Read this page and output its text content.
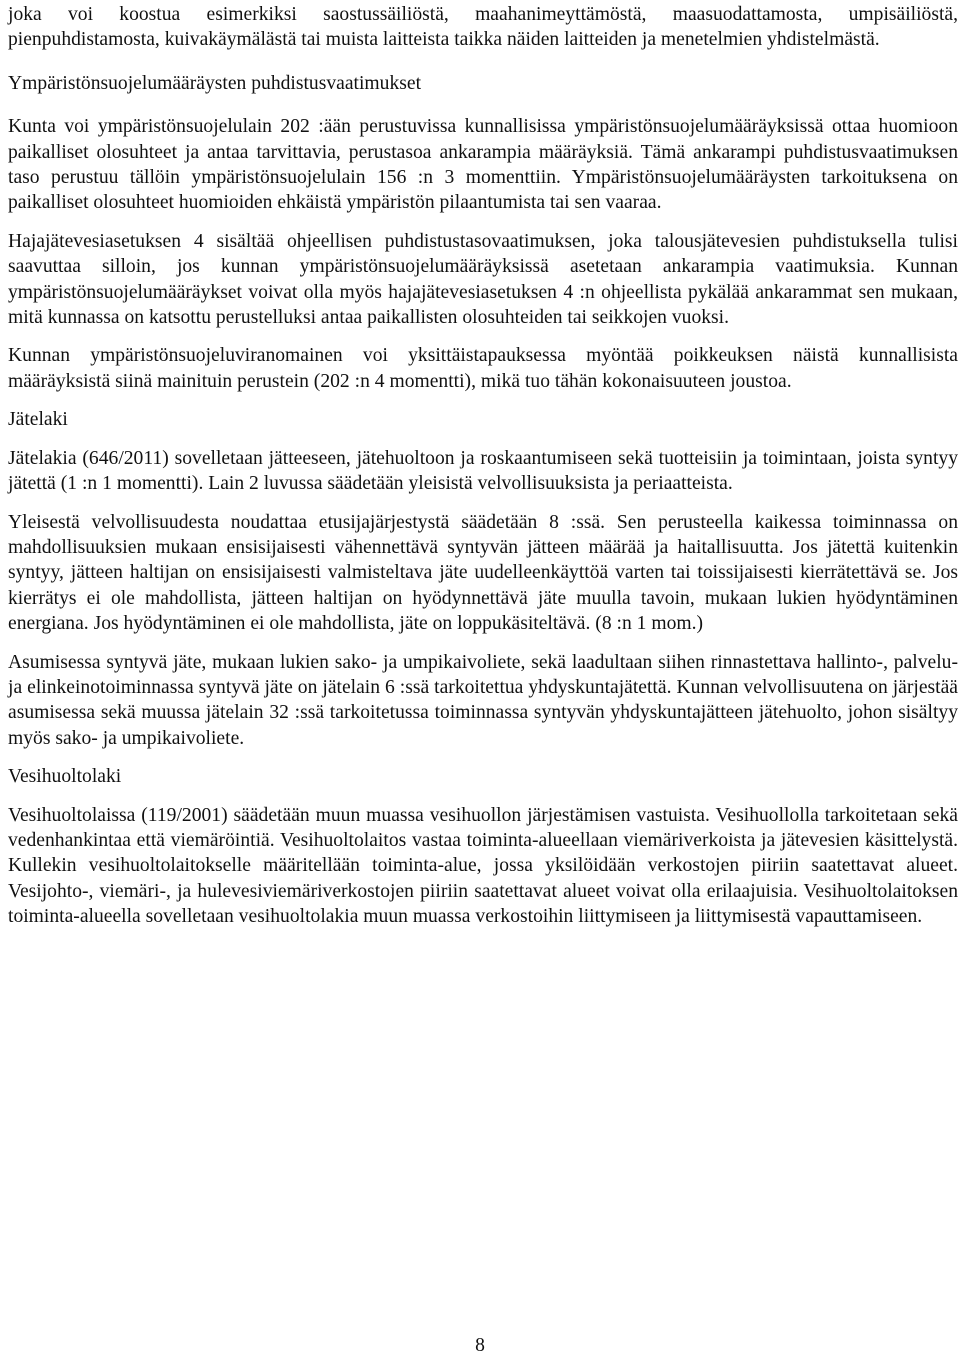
joka voi koostua esimerkiksi saostussäiliöstä, maahanimeyttämöstä, maasuodattamosta, umpisäiliöstä, pienpuhdistamosta, kuivakäymälästä tai muista laitteista taikka näiden laitteiden ja menetelmien yhdistelmästä.

Ympäristönsuojelumääräysten puhdistusvaatimukset

Kunta voi ympäristönsuojelulain 202 :ään perustuvissa kunnallisissa ympäristönsuojelumääräyksissä ottaa huomioon paikalliset olosuhteet ja antaa tarvittavia, perustasoa ankarampia määräyksiä. Tämä ankarampi puhdistusvaatimuksen taso perustuu tällöin ympäristönsuojelulain 156 :n 3 momenttiin. Ympäristönsuojelumääräysten tarkoituksena on paikalliset olosuhteet huomioiden ehkäistä ympäristön pilaantumista tai sen vaaraa.

Hajajätevesiasetuksen 4 sisältää ohjeellisen puhdistustasovaatimuksen, joka talousjätevesien puhdistuksella tulisi saavuttaa silloin, jos kunnan ympäristönsuojelumääräyksissä asetetaan ankarampia vaatimuksia. Kunnan ympäristönsuojelumääräykset voivat olla myös hajajätevesiasetuksen 4 :n ohjeellista pykälää ankarammat sen mukaan, mitä kunnassa on katsottu perustelluksi antaa paikallisten olosuhteiden tai seikkojen vuoksi.

Kunnan ympäristönsuojeluviranomainen voi yksittäistapauksessa myöntää poikkeuksen näistä kunnallisista määräyksistä siinä mainituin perustein (202 :n 4 momentti), mikä tuo tähän kokonaisuuteen joustoa.

Jätelaki

Jätelakia (646/2011) sovelletaan jätteeseen, jätehuoltoon ja roskaantumiseen sekä tuotteisiin ja toimintaan, joista syntyy jätettä (1 :n 1 momentti). Lain 2 luvussa säädetään yleisistä velvollisuuksista ja periaatteista.

Yleisestä velvollisuudesta noudattaa etusijajärjestystä säädetään 8 :ssä. Sen perusteella kaikessa toiminnassa on mahdollisuuksien mukaan ensisijaisesti vähennettävä syntyvän jätteen määrää ja haitallisuutta. Jos jätettä kuitenkin syntyy, jätteen haltijan on ensisijaisesti valmisteltava jäte uudelleenkäyttöä varten tai toissijaisesti kierrätettävä se. Jos kierrätys ei ole mahdollista, jätteen haltijan on hyödynnettävä jäte muulla tavoin, mukaan lukien hyödyntäminen energiana. Jos hyödyntäminen ei ole mahdollista, jäte on loppukäsiteltävä. (8 :n 1 mom.)

Asumisessa syntyvä jäte, mukaan lukien sako- ja umpikaivoliete, sekä laadultaan siihen rinnastettava hallinto-, palvelu- ja elinkeinotoiminnassa syntyvä jäte on jätelain 6 :ssä tarkoitettua yhdyskuntajätettä. Kunnan velvollisuutena on järjestää asumisessa sekä muussa jätelain 32 :ssä tarkoitetussa toiminnassa syntyvän yhdyskuntajätteen jätehuolto, johon sisältyy myös sako- ja umpikaivoliete.

Vesihuoltolaki

Vesihuoltolaissa (119/2001) säädetään muun muassa vesihuollon järjestämisen vastuista. Vesihuollolla tarkoitetaan sekä vedenhankintaa että viemäröintiä. Vesihuoltolaitos vastaa toiminta-alueellaan viemäriverkoista ja jätevesien käsittelystä. Kullekin vesihuoltolaitokselle määritellään toiminta-alue, jossa yksilöidään verkostojen piiriin saatettavat alueet. Vesijohto-, viemäri-, ja hulevesiviemäriverkostojen piiriin saatettavat alueet voivat olla erilaajuisia. Vesihuoltolaitoksen toiminta-alueella sovelletaan vesihuoltolakia muun muassa verkostoihin liittymiseen ja liittymisestä vapauttamiseen.

8
